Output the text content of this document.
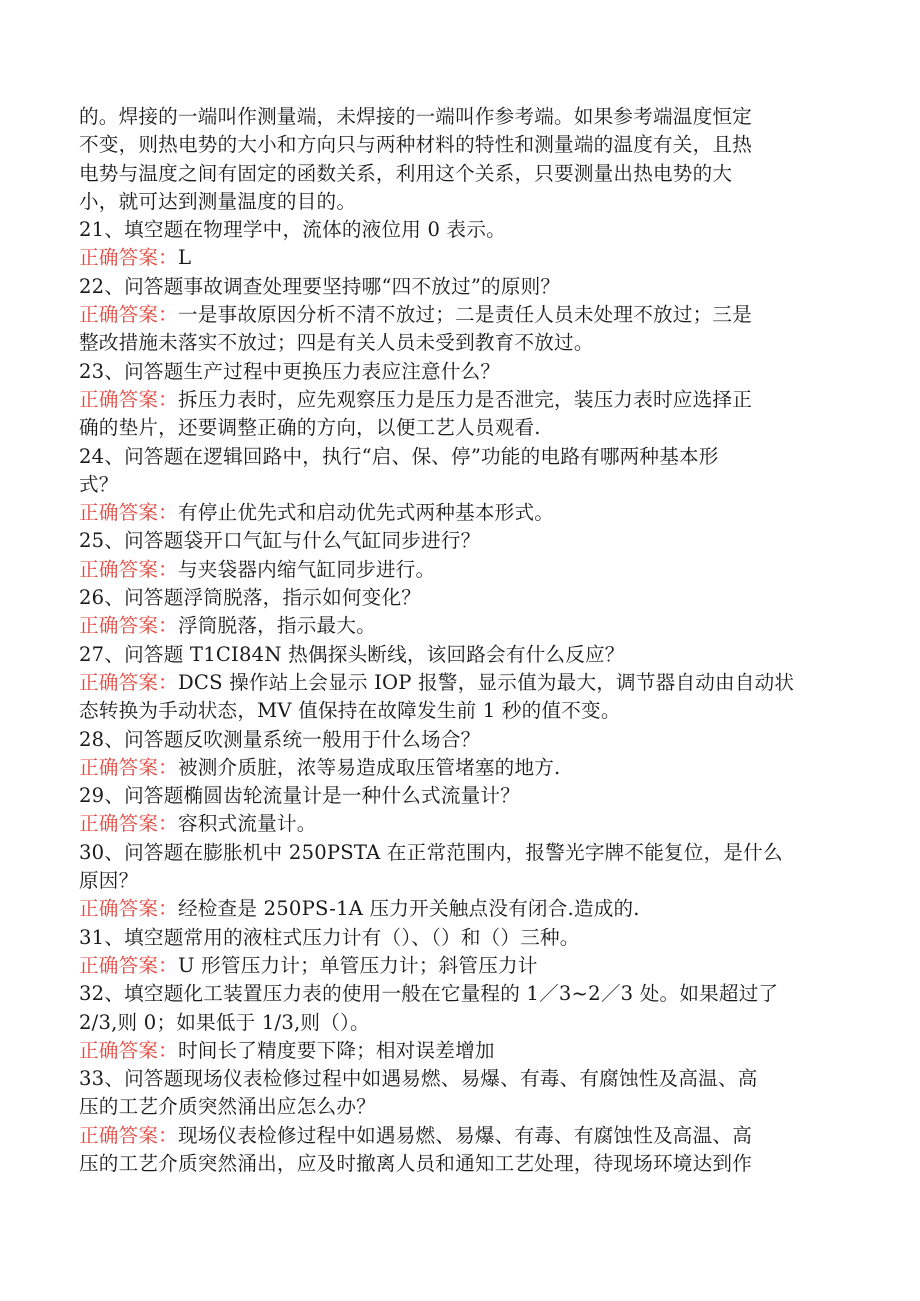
的。焊接的一端叫作测量端，未焊接的一端叫作参考端。如果参考端温度恒定
不变，则热电势的大小和方向只与两种材料的特性和测量端的温度有关，且热
电势与温度之间有固定的函数关系，利用这个关系，只要测量出热电势的大
小，就可达到测量温度的目的。
21、填空题在物理学中，流体的液位用 0 表示。
正确答案：L
22、问答题事故调查处理要坚持哪“四不放过”的原则？
正确答案：一是事故原因分析不清不放过；二是责任人员未处理不放过；三是
整改措施未落实不放过；四是有关人员未受到教育不放过。
23、问答题生产过程中更换压力表应注意什么？
正确答案：拆压力表时，应先观察压力是压力是否泄完，装压力表时应选择正
确的垫片，还要调整正确的方向，以便工艺人员观看.
24、问答题在逻辑回路中，执行“启、保、停”功能的电路有哪两种基本形
式？
正确答案：有停止优先式和启动优先式两种基本形式。
25、问答题袋开口气缸与什么气缸同步进行？
正确答案：与夹袋器内缩气缸同步进行。
26、问答题浮筒脱落，指示如何变化？
正确答案：浮筒脱落，指示最大。
27、问答题 T1CI84N 热偶探头断线，该回路会有什么反应？
正确答案：DCS 操作站上会显示 IOP 报警，显示值为最大，调节器自动由自动状
态转换为手动状态，MV 值保持在故障发生前 1 秒的值不变。
28、问答题反吹测量系统一般用于什么场合？
正确答案：被测介质脏，浓等易造成取压管堵塞的地方.
29、问答题椭圆齿轮流量计是一种什么式流量计？
正确答案：容积式流量计。
30、问答题在膨胀机中 250PSTA 在正常范围内，报警光字牌不能复位，是什么
原因？
正确答案：经检查是 250PS-1A 压力开关触点没有闭合.造成的.
31、填空题常用的液柱式压力计有（）、（）和（）三种。
正确答案：U 形管压力计；单管压力计；斜管压力计
32、填空题化工装置压力表的使用一般在它量程的 1／3~2／3 处。如果超过了
2/3,则 0；如果低于 1/3,则（）。
正确答案：时间长了精度要下降；相对误差增加
33、问答题现场仪表检修过程中如遇易燃、易爆、有毒、有腐蚀性及高温、高
压的工艺介质突然涌出应怎么办？
正确答案：现场仪表检修过程中如遇易燃、易爆、有毒、有腐蚀性及高温、高
压的工艺介质突然涌出，应及时撤离人员和通知工艺处理，待现场环境达到作
